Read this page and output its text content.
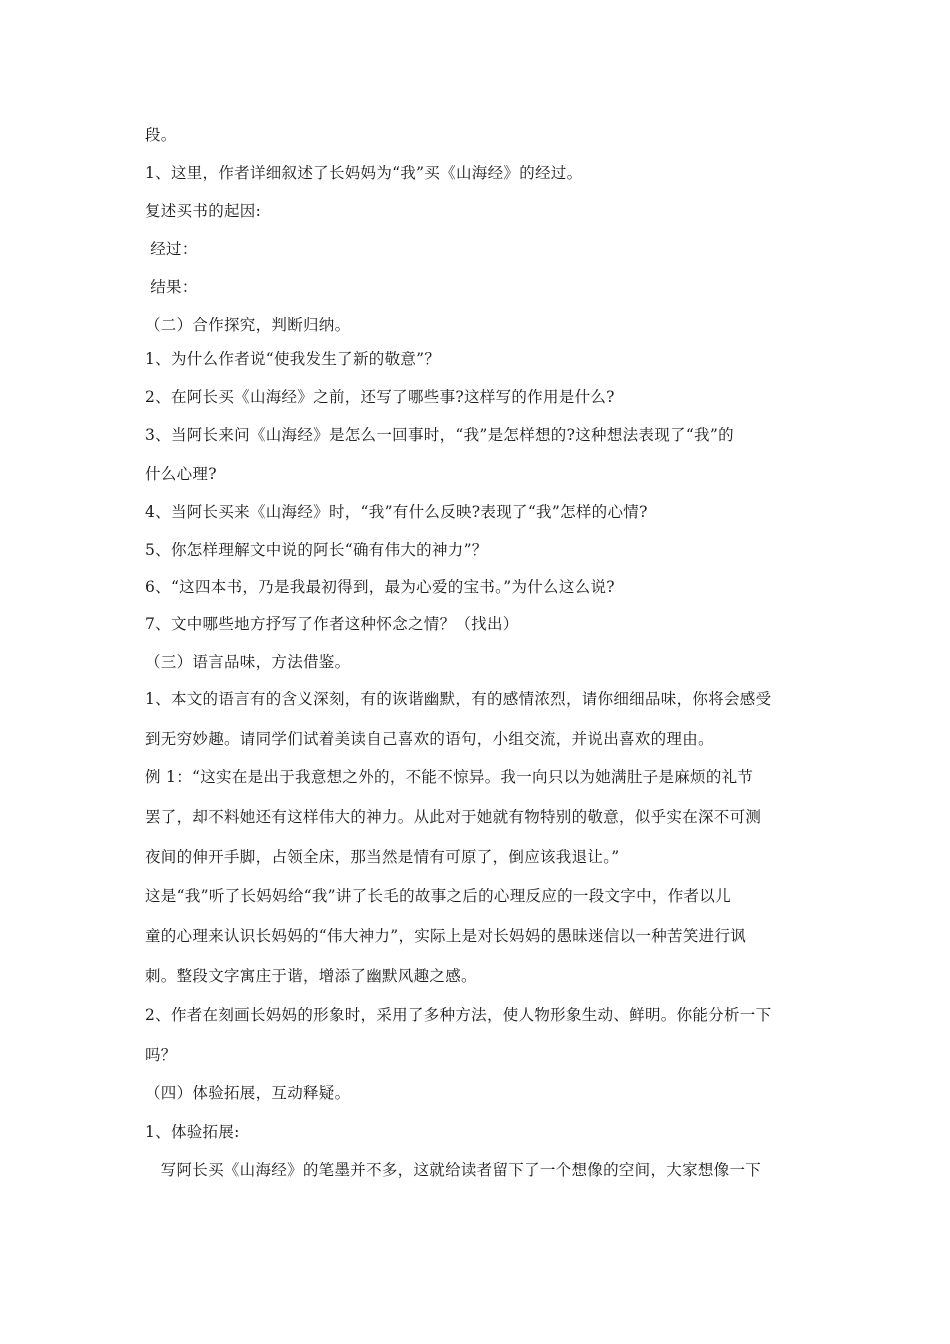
段。
1、这里，作者详细叙述了长妈妈为“我”买《山海经》的经过。
复述买书的起因:
经过：
结果：
（二）合作探究，判断归纳。
1、为什么作者说“使我发生了新的敬意”？
2、在阿长买《山海经》之前，还写了哪些事?这样写的作用是什么?
3、当阿长来问《山海经》是怎么一回事时，“我”是怎样想的?这种想法表现了“我”的
什么心理?
4、当阿长买来《山海经》时，“我”有什么反映?表现了“我”怎样的心情?
5、你怎样理解文中说的阿长“确有伟大的神力”？
6、“这四本书，乃是我最初得到，最为心爱的宝书。”为什么这么说?
7、文中哪些地方抒写了作者这种怀念之情？（找出）
（三）语言品味，方法借鉴。
1、本文的语言有的含义深刻，有的诙谐幽默，有的感情浓烈，请你细细品味，你将会感受
到无穷妙趣。请同学们试着美读自己喜欢的语句，小组交流，并说出喜欢的理由。
例 1：“这实在是出于我意想之外的，不能不惊异。我一向只以为她满肚子是麻烦的礼节
罢了，却不料她还有这样伟大的神力。从此对于她就有物特别的敬意，似乎实在深不可测
夜间的伸开手脚，占领全床，那当然是情有可原了，倒应该我退让。”
这是“我”听了长妈妈给“我”讲了长毛的故事之后的心理反应的一段文字中，作者以儿
童的心理来认识长妈妈的“伟大神力”，实际上是对长妈妈的愚昧迷信以一种苦笑进行讽
刺。整段文字寓庄于谐，增添了幽默风趣之感。
2、作者在刻画长妈妈的形象时，采用了多种方法，使人物形象生动、鲜明。你能分析一下
吗？
（四）体验拓展，互动释疑。
1、体验拓展:
写阿长买《山海经》的笔墨并不多，这就给读者留下了一个想像的空间，大家想像一下
